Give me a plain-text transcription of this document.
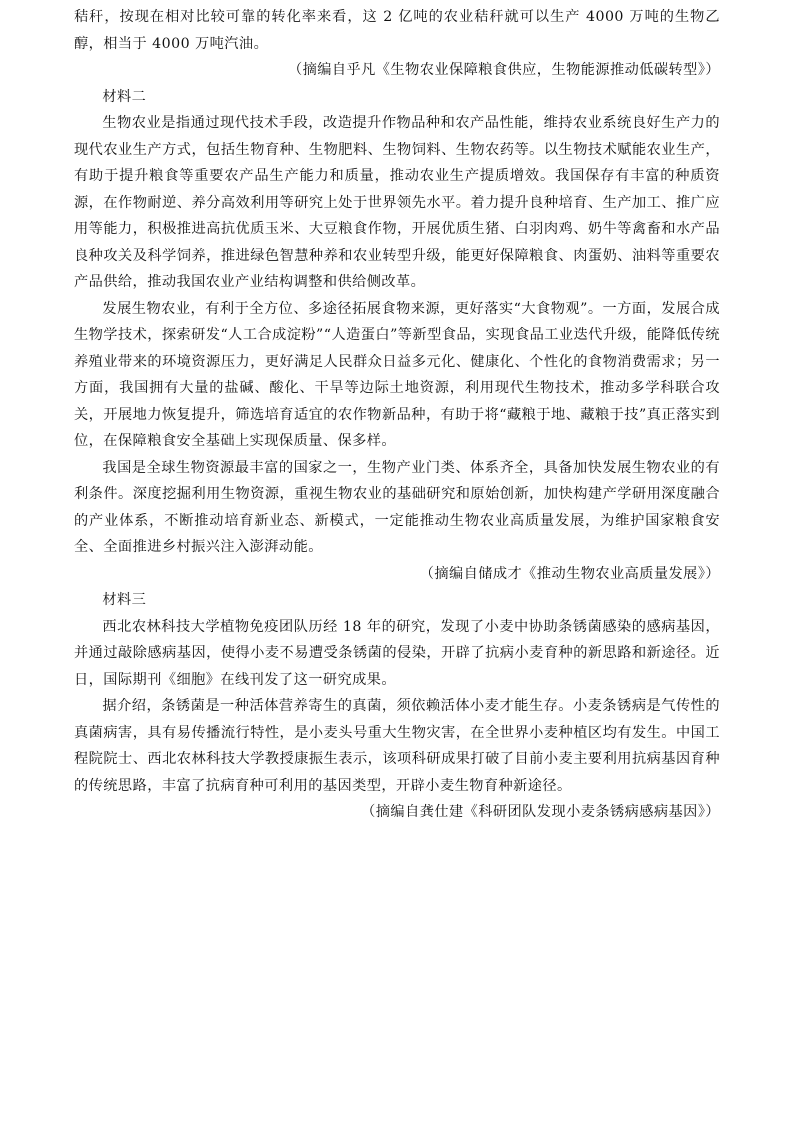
秸秆，按现在相对比较可靠的转化率来看，这 2 亿吨的农业秸秆就可以生产 4000 万吨的生物乙醇，相当于 4000 万吨汽油。

（摘编自乎凡《生物农业保障粮食供应，生物能源推动低碳转型》）

材料二

生物农业是指通过现代技术手段，改造提升作物品种和农产品性能，维持农业系统良好生产力的现代农业生产方式，包括生物育种、生物肥料、生物饲料、生物农药等。以生物技术赋能农业生产，有助于提升粮食等重要农产品生产能力和质量，推动农业生产提质增效。我国保存有丰富的种质资源，在作物耐逆、养分高效利用等研究上处于世界领先水平。着力提升良种培育、生产加工、推广应用等能力，积极推进高抗优质玉米、大豆粮食作物，开展优质生猪、白羽肉鸡、奶牛等禽畜和水产品良种攻关及科学饲养，推进绿色智慧种养和农业转型升级，能更好保障粮食、肉蛋奶、油料等重要农产品供给，推动我国农业产业结构调整和供给侧改革。

发展生物农业，有利于全方位、多途径拓展食物来源，更好落实“大食物观”。一方面，发展合成生物学技术，探索研发“人工合成淀粉”“人造蛋白”等新型食品，实现食品工业迭代升级，能降低传统养殖业带来的环境资源压力，更好满足人民群众日益多元化、健康化、个性化的食物消费需求；另一方面，我国拥有大量的盐碱、酸化、干旱等边际土地资源，利用现代生物技术，推动多学科联合攻关，开展地力恢复提升，筛选培育适宜的农作物新品种，有助于将“藏粮于地、藏粮于技”真正落实到位，在保障粮食安全基础上实现保质量、保多样。

我国是全球生物资源最丰富的国家之一，生物产业门类、体系齐全，具备加快发展生物农业的有利条件。深度挖掘利用生物资源，重视生物农业的基础研究和原始创新，加快构建产学研用深度融合的产业体系，不断推动培育新业态、新模式，一定能推动生物农业高质量发展，为维护国家粮食安全、全面推进乡村振兴注入澎湃动能。

（摘编自储成才《推动生物农业高质量发展》）

材料三

西北农林科技大学植物免疫团队历经 18 年的研究，发现了小麦中协助条锈菌感染的感病基因，并通过敲除感病基因，使得小麦不易遭受条锈菌的侵染，开辟了抗病小麦育种的新思路和新途径。近日，国际期刊《细胞》在线刊发了这一研究成果。

据介绍，条锈菌是一种活体营养寄生的真菌，须依赖活体小麦才能生存。小麦条锈病是气传性的真菌病害，具有易传播流行特性，是小麦头号重大生物灾害，在全世界小麦种植区均有发生。中国工程院院士、西北农林科技大学教授康振生表示，该项科研成果打破了目前小麦主要利用抗病基因育种的传统思路，丰富了抗病育种可利用的基因类型，开辟小麦生物育种新途径。

（摘编自龚仕建《科研团队发现小麦条锈病感病基因》）
